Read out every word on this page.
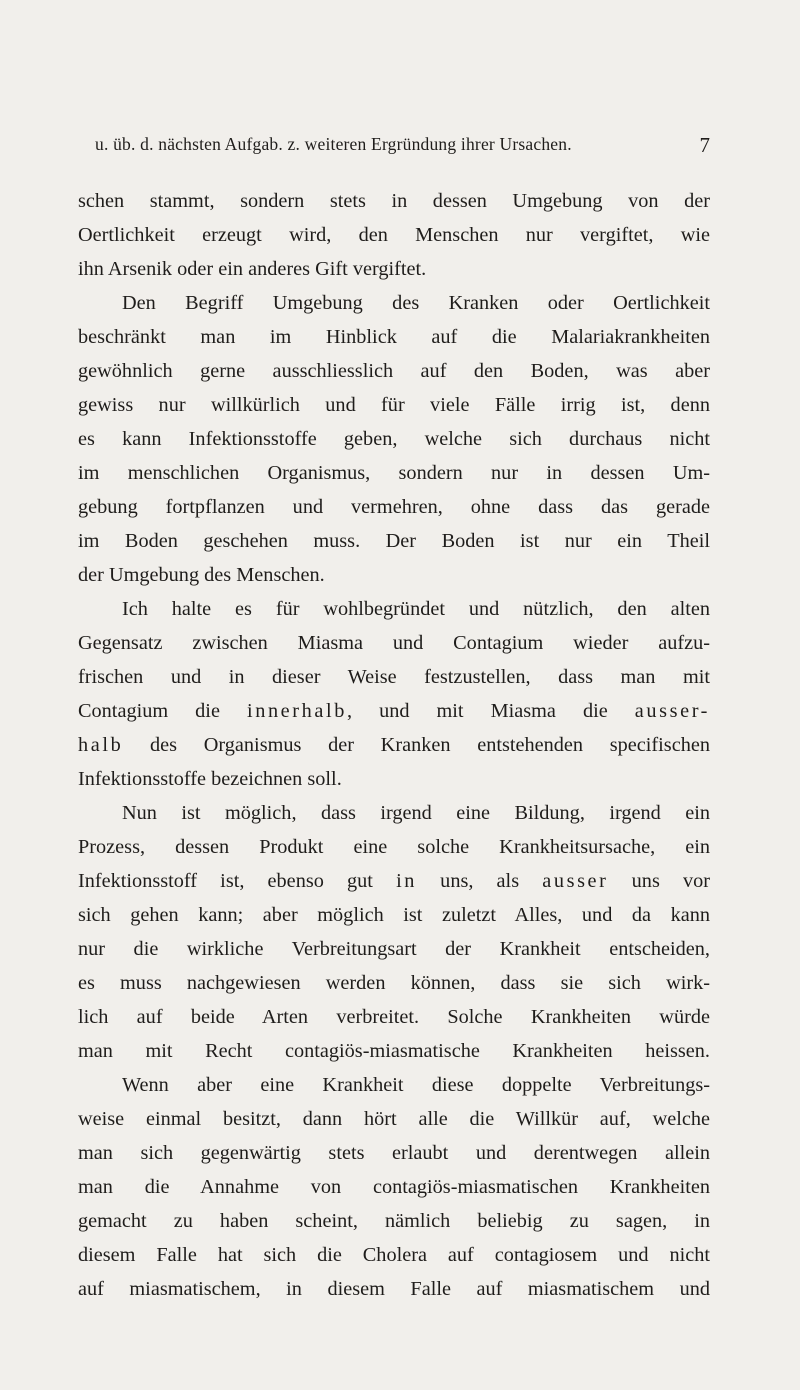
u. üb. d. nächsten Aufgab. z. weiteren Ergründung ihrer Ursachen.	7
schen stammt, sondern stets in dessen Umgebung von der
Oertlichkeit erzeugt wird, den Menschen nur vergiftet, wie
ihn Arsenik oder ein anderes Gift vergiftet.
Den Begriff Umgebung des Kranken oder Oertlichkeit
beschränkt man im Hinblick auf die Malariakrankheiten
gewöhnlich gerne ausschliesslich auf den Boden, was aber
gewiss nur willkürlich und für viele Fälle irrig ist, denn
es kann Infektionsstoffe geben, welche sich durchaus nicht
im menschlichen Organismus, sondern nur in dessen Um-
gebung fortpflanzen und vermehren, ohne dass das gerade
im Boden geschehen muss. Der Boden ist nur ein Theil
der Umgebung des Menschen.
Ich halte es für wohlbegründet und nützlich, den alten
Gegensatz zwischen Miasma und Contagium wieder aufzu-
frischen und in dieser Weise festzustellen, dass man mit
Contagium die innerhalb, und mit Miasma die ausser-
halb des Organismus der Kranken entstehenden specifischen
Infektionsstoffe bezeichnen soll.
Nun ist möglich, dass irgend eine Bildung, irgend ein
Prozess, dessen Produkt eine solche Krankheitsursache, ein
Infektionsstoff ist, ebenso gut in uns, als ausser uns vor
sich gehen kann; aber möglich ist zuletzt Alles, und da kann
nur die wirkliche Verbreitungsart der Krankheit entscheiden,
es muss nachgewiesen werden können, dass sie sich wirk-
lich auf beide Arten verbreitet. Solche Krankheiten würde
man mit Recht contagiös-miasmatische Krankheiten heissen.
Wenn aber eine Krankheit diese doppelte Verbreitungs-
weise einmal besitzt, dann hört alle die Willkür auf, welche
man sich gegenwärtig stets erlaubt und derentwegen allein
man die Annahme von contagiös-miasmatischen Krankheiten
gemacht zu haben scheint, nämlich beliebig zu sagen, in
diesem Falle hat sich die Cholera auf contagiosem und nicht
auf miasmatischem, in diesem Falle auf miasmatischem und
